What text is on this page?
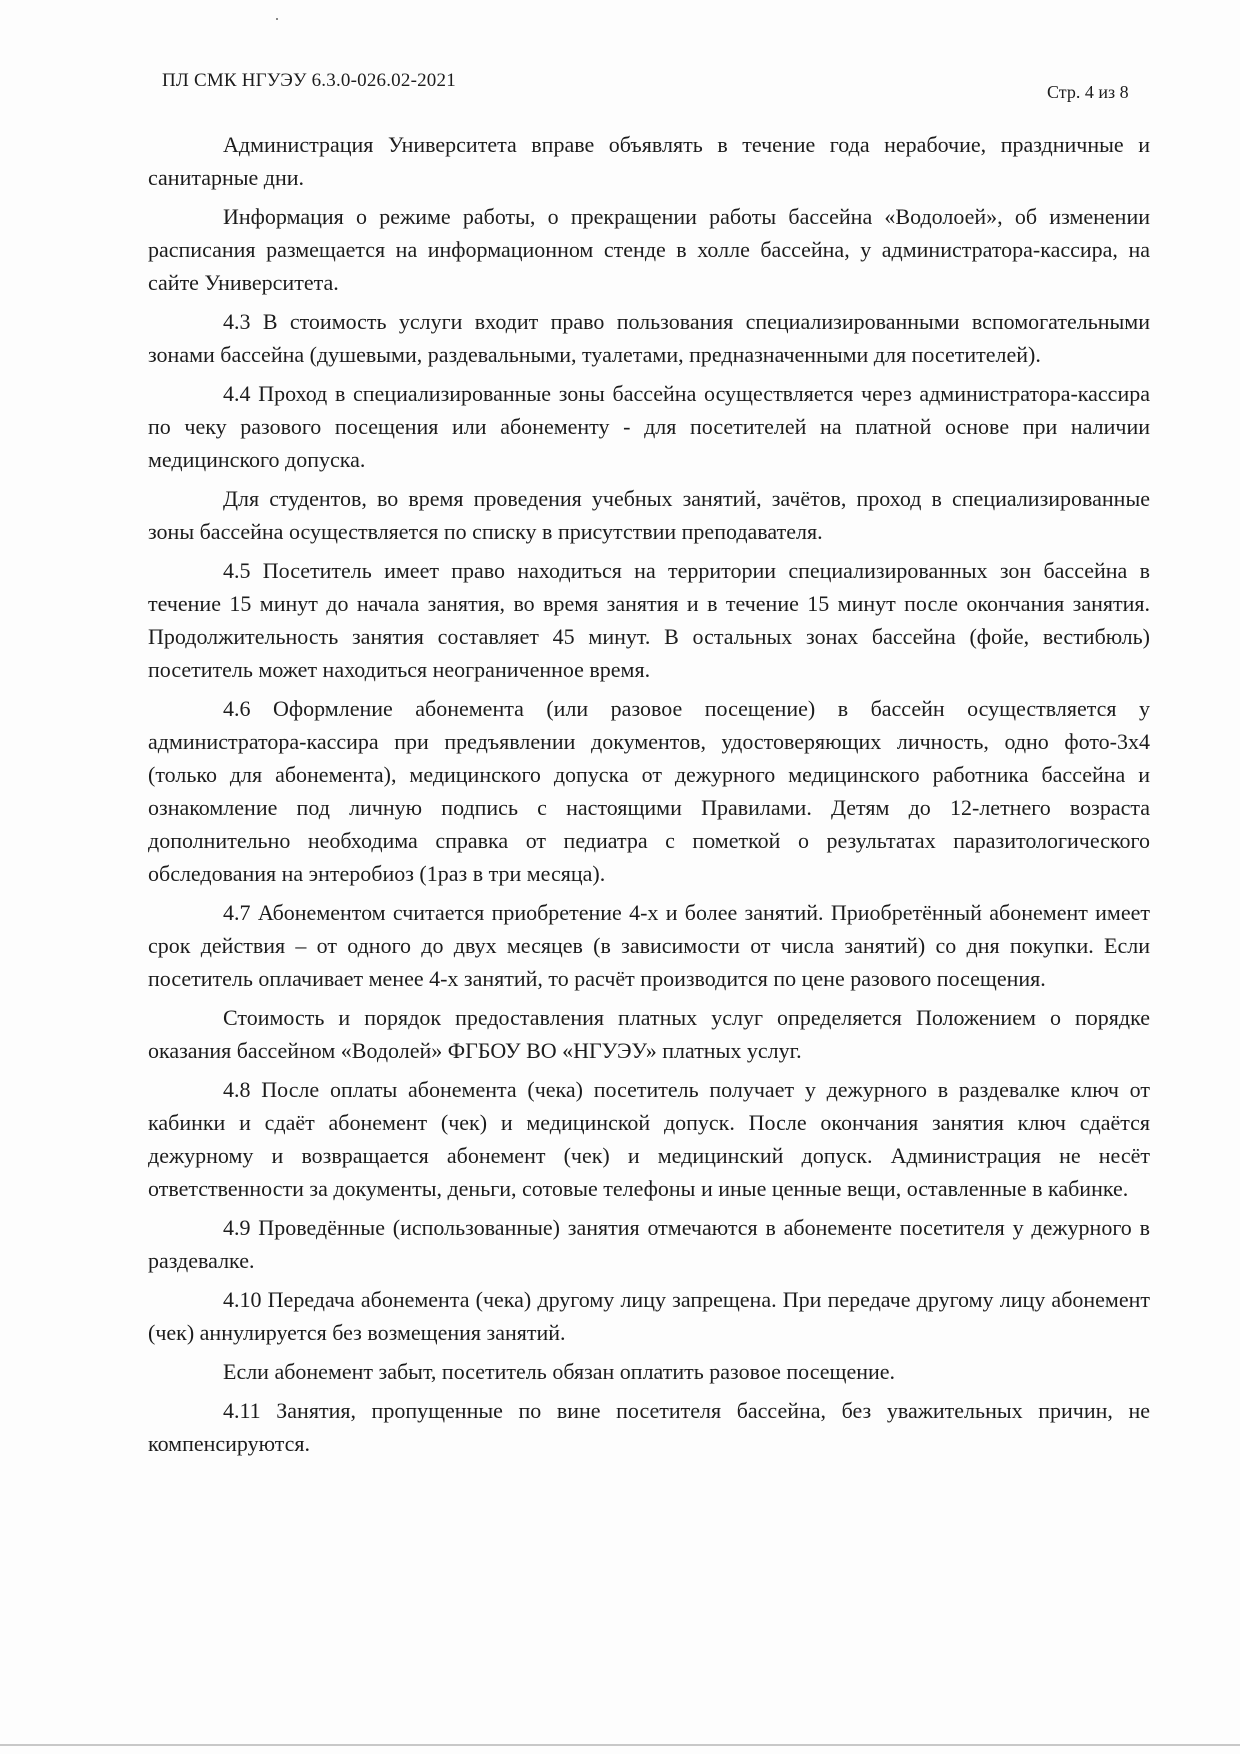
ПЛ СМК НГУЭУ 6.3.0-026.02-2021
Стр. 4 из 8

Администрация Университета вправе объявлять в течение года нерабочие, праздничные и санитарные дни.

Информация о режиме работы, о прекращении работы бассейна «Водолоей», об изменении расписания размещается на информационном стенде в холле бассейна, у администратора-кассира, на сайте Университета.

4.3 В стоимость услуги входит право пользования специализированными вспомогательными зонами бассейна (душевыми, раздевальными, туалетами, предназначенными для посетителей).

4.4 Проход в специализированные зоны бассейна осуществляется через администратора-кассира по чеку разового посещения или абонементу - для посетителей на платной основе при наличии медицинского допуска.

Для студентов, во время проведения учебных занятий, зачётов, проход в специализированные зоны бассейна осуществляется по списку в присутствии преподавателя.

4.5 Посетитель имеет право находиться на территории специализированных зон бассейна в течение 15 минут до начала занятия, во время занятия и в течение 15 минут после окончания занятия. Продолжительность занятия составляет 45 минут. В остальных зонах бассейна (фойе, вестибюль) посетитель может находиться неограниченное время.

4.6 Оформление абонемента (или разовое посещение) в бассейн осуществляется у администратора-кассира при предъявлении документов, удостоверяющих личность, одно фото-3х4 (только для абонемента), медицинского допуска от дежурного медицинского работника бассейна и ознакомление под личную подпись с настоящими Правилами. Детям до 12-летнего возраста дополнительно необходима справка от педиатра с пометкой о результатах паразитологического обследования на энтеробиоз (1раз в три месяца).

4.7 Абонементом считается приобретение 4-х и более занятий. Приобретённый абонемент имеет срок действия – от одного до двух месяцев (в зависимости от числа занятий) со дня покупки. Если посетитель оплачивает менее 4-х занятий, то расчёт производится по цене разового посещения.

Стоимость и порядок предоставления платных услуг определяется Положением о порядке оказания бассейном «Водолей» ФГБОУ ВО «НГУЭУ» платных услуг.

4.8 После оплаты абонемента (чека) посетитель получает у дежурного в раздевалке ключ от кабинки и сдаёт абонемент (чек) и медицинской допуск. После окончания занятия ключ сдаётся дежурному и возвращается абонемент (чек) и медицинский допуск. Администрация не несёт ответственности за документы, деньги, сотовые телефоны и иные ценные вещи, оставленные в кабинке.

4.9 Проведённые (использованные) занятия отмечаются в абонементе посетителя у дежурного в раздевалке.

4.10 Передача абонемента (чека) другому лицу запрещена. При передаче другому лицу абонемент (чек) аннулируется без возмещения занятий.

Если абонемент забыт, посетитель обязан оплатить разовое посещение.

4.11 Занятия, пропущенные по вине посетителя бассейна, без уважительных причин, не компенсируются.
